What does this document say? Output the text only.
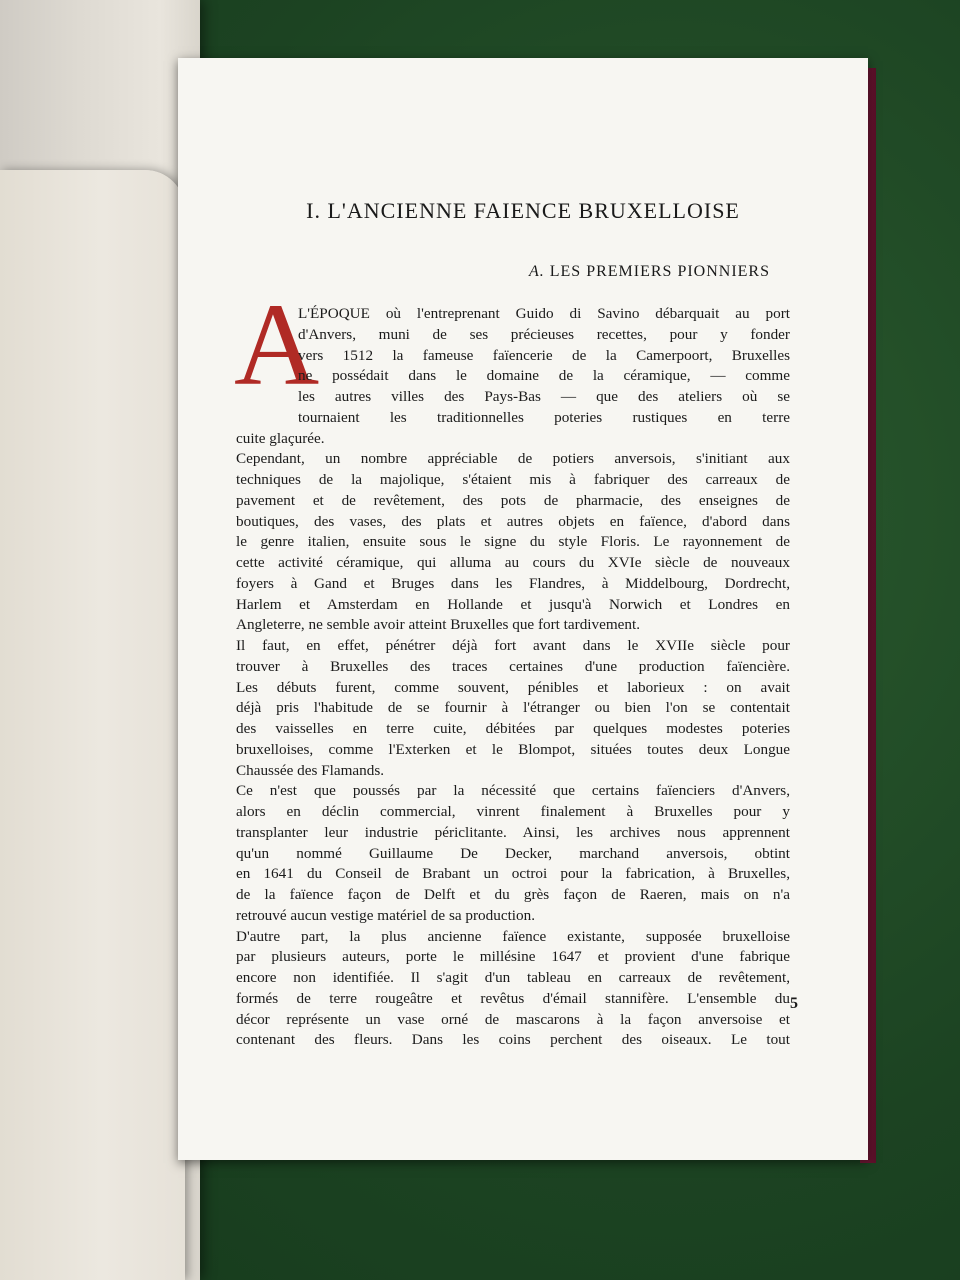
I. L'ANCIENNE FAIENCE BRUXELLOISE
A. LES PREMIERS PIONNIERS
A
L'ÉPOQUE où l'entreprenant Guido di Savino débarquait au port
d'Anvers, muni de ses précieuses recettes, pour y fonder
vers 1512 la fameuse faïencerie de la Camerpoort, Bruxelles
ne possédait dans le domaine de la céramique, — comme
les autres villes des Pays-Bas — que des ateliers où se
tournaient les traditionnelles poteries rustiques en terre
cuite glaçurée.
Cependant, un nombre appréciable de potiers anversois, s'initiant aux
techniques de la majolique, s'étaient mis à fabriquer des carreaux de
pavement et de revêtement, des pots de pharmacie, des enseignes de
boutiques, des vases, des plats et autres objets en faïence, d'abord dans
le genre italien, ensuite sous le signe du style Floris. Le rayonnement de
cette activité céramique, qui alluma au cours du XVIe siècle de nouveaux
foyers à Gand et Bruges dans les Flandres, à Middelbourg, Dordrecht,
Harlem et Amsterdam en Hollande et jusqu'à Norwich et Londres en
Angleterre, ne semble avoir atteint Bruxelles que fort tardivement.
Il faut, en effet, pénétrer déjà fort avant dans le XVIIe siècle pour
trouver à Bruxelles des traces certaines d'une production faïencière.
Les débuts furent, comme souvent, pénibles et laborieux : on avait
déjà pris l'habitude de se fournir à l'étranger ou bien l'on se contentait
des vaisselles en terre cuite, débitées par quelques modestes poteries
bruxelloises, comme l'Exterken et le Blompot, situées toutes deux Longue
Chaussée des Flamands.
Ce n'est que poussés par la nécessité que certains faïenciers d'Anvers,
alors en déclin commercial, vinrent finalement à Bruxelles pour y
transplanter leur industrie périclitante. Ainsi, les archives nous apprennent
qu'un nommé Guillaume De Decker, marchand anversois, obtint
en 1641 du Conseil de Brabant un octroi pour la fabrication, à Bruxelles,
de la faïence façon de Delft et du grès façon de Raeren, mais on n'a
retrouvé aucun vestige matériel de sa production.
D'autre part, la plus ancienne faïence existante, supposée bruxelloise
par plusieurs auteurs, porte le millésine 1647 et provient d'une fabrique
encore non identifiée. Il s'agit d'un tableau en carreaux de revêtement,
formés de terre rougeâtre et revêtus d'émail stannifère. L'ensemble du
décor représente un vase orné de mascarons à la façon anversoise et
contenant des fleurs. Dans les coins perchent des oiseaux. Le tout
5
